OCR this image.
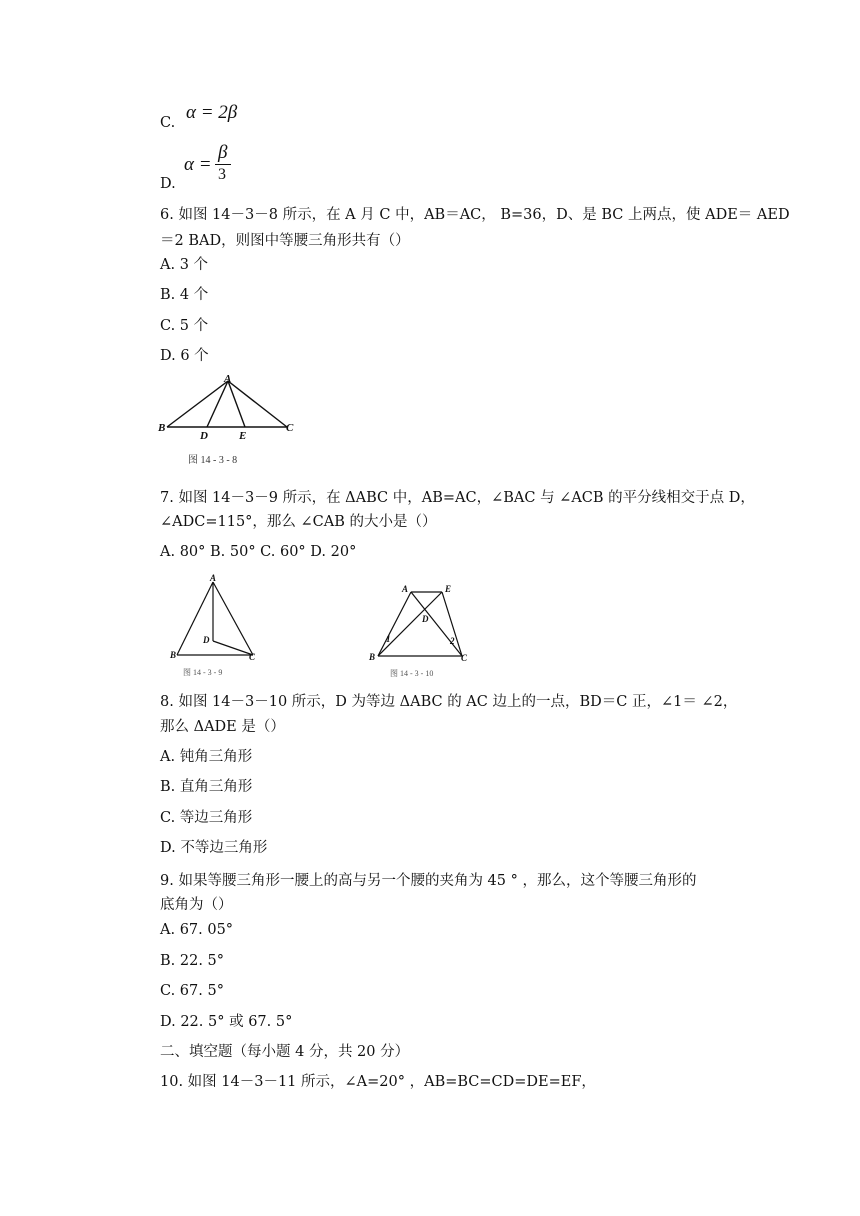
C. α = 2β
D.
α =
β
3
6. 如图 14－3－8 所示，在 A 月 C 中，AB＝AC， B=36，D、是 BC 上两点，使 ADE＝ AED
＝2 BAD，则图中等腰三角形共有（）
A. 3 个
B. 4 个
C. 5 个
D. 6 个
A
B	C
D	E
图 14 - 3 - 8
7. 如图 14－3－9 所示，在 ΔABC 中，AB=AC，∠BAC 与 ∠ACB 的平分线相交于点 D，
∠ADC=115°，那么 ∠CAB 的大小是（）
A. 80° B. 50° C. 60° D. 20°
A
B	C
D
图 14 - 3 - 9
A	E
D
B	C
1	2
图 14 - 3 - 10
8. 如图 14－3－10 所示，D 为等边 ΔABC 的 AC 边上的一点，BD＝C 正，∠1＝ ∠2，
那么 ΔADE 是（）
A. 钝角三角形
B. 直角三角形
C. 等边三角形
D. 不等边三角形
9. 如果等腰三角形一腰上的高与另一个腰的夹角为 45 ° ，那么，这个等腰三角形的
底角为（）
A. 67. 05°
B. 22. 5°
C. 67. 5°
D. 22. 5° 或 67. 5°
二、填空题（每小题 4 分，共 20 分）
10. 如图 14－3－11 所示，∠A=20° ，AB=BC=CD=DE=EF，
